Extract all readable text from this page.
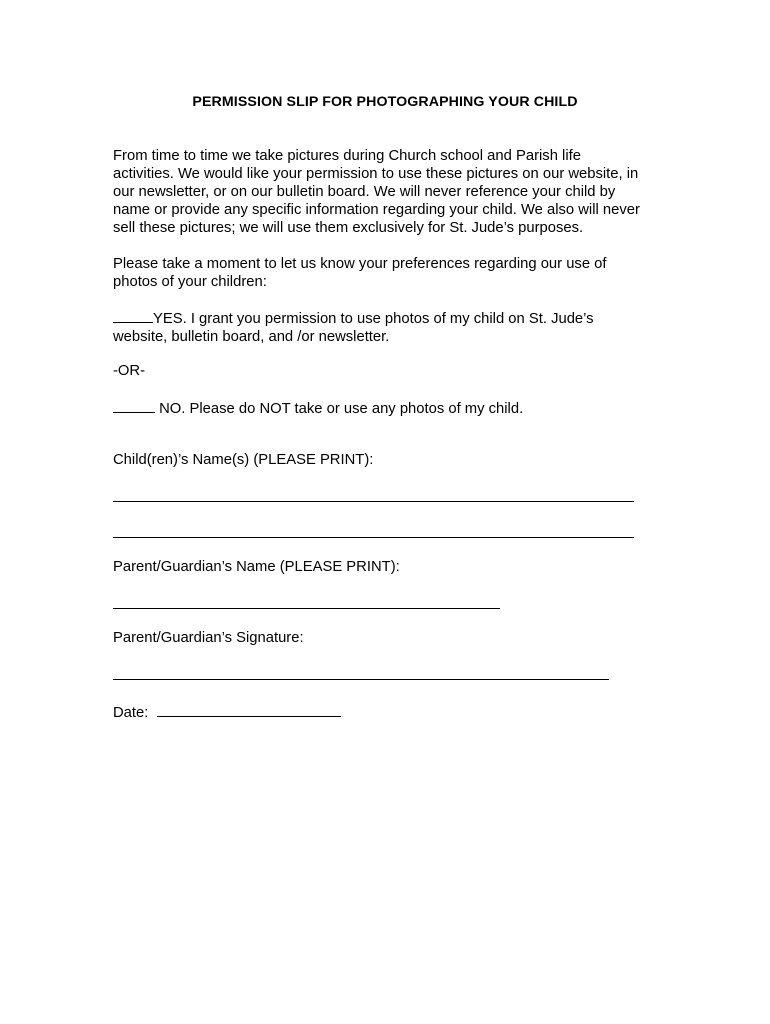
PERMISSION SLIP FOR PHOTOGRAPHING YOUR CHILD
From time to time we take pictures during Church school and Parish life
activities. We would like your permission to use these pictures on our website, in
our newsletter, or on our bulletin board. We will never reference your child by
name or provide any specific information regarding your child. We also will never
sell these pictures; we will use them exclusively for St. Jude’s purposes.
Please take a moment to let us know your preferences regarding our use of
photos of your children:
YES. I grant you permission to use photos of my child on St. Jude’s
website, bulletin board, and /or newsletter.
-OR-
NO. Please do NOT take or use any photos of my child.
Child(ren)’s Name(s) (PLEASE PRINT):
Parent/Guardian’s Name (PLEASE PRINT):
Parent/Guardian’s Signature:
Date:
